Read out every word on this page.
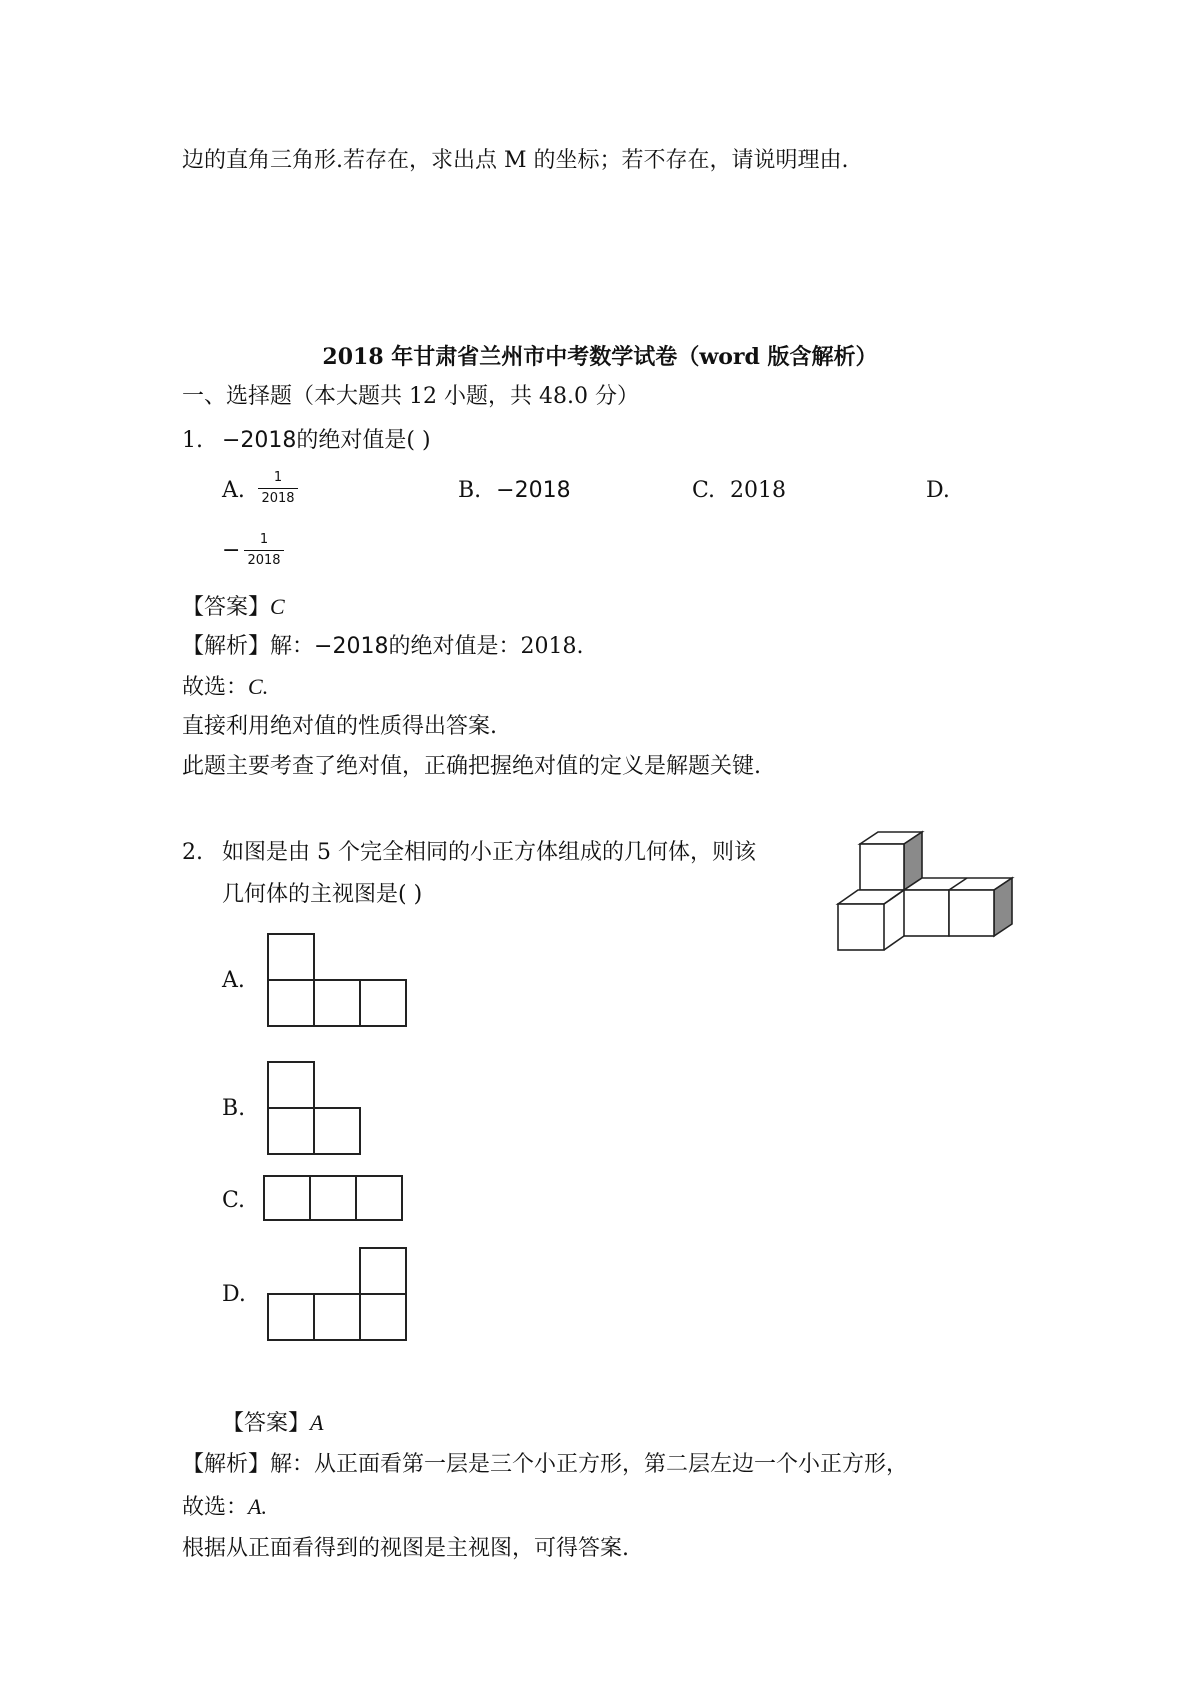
边的直角三角形.若存在，求出点 M 的坐标；若不存在，请说明理由.
2018 年甘肃省兰州市中考数学试卷（word 版含解析）
一、选择题（本大题共 12 小题，共 48.0 分）
1. −2018的绝对值是( )
A.
1
2018	B. −2018	C. 2018	D.
− 1
2018
【答案】C
【解析】解：−2018的绝对值是：2018.
故选：C.
直接利用绝对值的性质得出答案.
此题主要考查了绝对值，正确把握绝对值的定义是解题关键.
2. 如图是由 5 个完全相同的小正方体组成的几何体，则该
几何体的主视图是( )
A.
B.
C.
D.
【答案】A
【解析】解：从正面看第一层是三个小正方形，第二层左边一个小正方形，
故选：A.
根据从正面看得到的视图是主视图，可得答案.
